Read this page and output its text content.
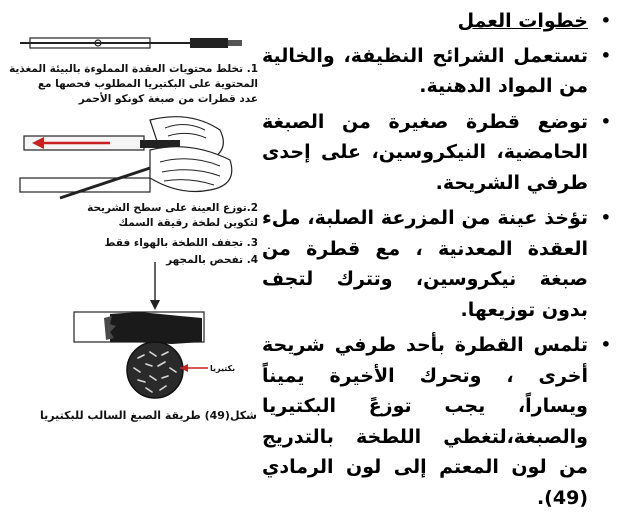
•
خطوات العمل
•
تستعمل الشرائح النظيفة، والخالية من المواد الدهنية.
•
توضع قطرة صغيرة من الصبغة الحامضية، النيكروسين، على إحدى طرفي الشريحة.
•
تؤخذ عينة من المزرعة الصلبة، ملء العقدة المعدنية ، مع قطرة من صبغة نيكروسين، وتترك لتجف بدون توزيعها.
•
تلمس القطرة بأحد طرفي شريحة أخرى ، وتحرك الأخيرة يميناً ويساراً، يجب توزعً البكتيريا والصبغة،لتغطي اللطخة بالتدريج من لون المعتم إلى لون الرمادي (49).
1. تخلط محتويات العقدة المملوءة بالبيئة المغذية
المحتوية على البكتيريا المطلوب فحصها مع
عدد قطرات من صبغة كونكو الأحمر
2.توزع العينة على سطح الشريحة
لتكوين لطخة رقيقة السمك
3. تجفف اللطخة بالهواء فقط
4. تفحص بالمجهر
بكتيريا
شكل(49) طريقة الصبغ السالب للبكتيريا
